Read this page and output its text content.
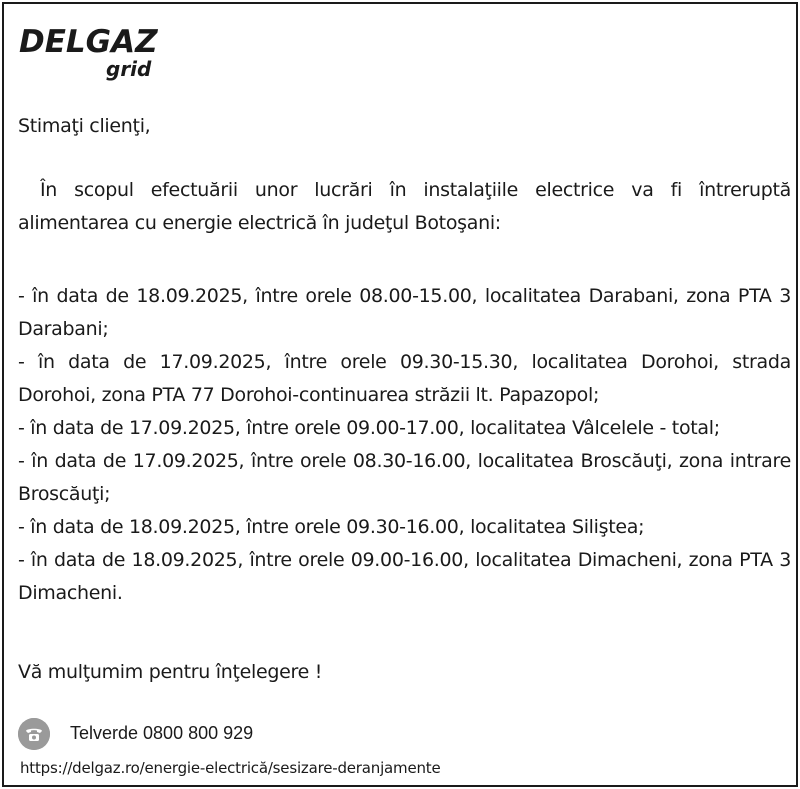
DELGAZ
grid
Stimaţi clienţi,
În scopul efectuării unor lucrări în instalaţiile electrice va fi întreruptă alimentarea cu energie electrică în judeţul Botoşani:
- în data de 18.09.2025, între orele 08.00-15.00, localitatea Darabani, zona PTA 3 Darabani;
- în data de 17.09.2025, între orele 09.30-15.30, localitatea Dorohoi, strada Dorohoi, zona PTA 77 Dorohoi-continuarea străzii lt. Papazopol;
- în data de 17.09.2025, între orele 09.00-17.00, localitatea Vâlcelele - total;
- în data de 17.09.2025, între orele 08.30-16.00, localitatea Broscăuţi, zona intrare Broscăuţi;
- în data de 18.09.2025, între orele 09.30-16.00, localitatea Siliştea;
- în data de 18.09.2025, între orele 09.00-16.00, localitatea Dimacheni, zona PTA 3 Dimacheni.
Vă mulţumim pentru înţelegere !
Telverde 0800 800 929
https://delgaz.ro/energie-electrică/sesizare-deranjamente
